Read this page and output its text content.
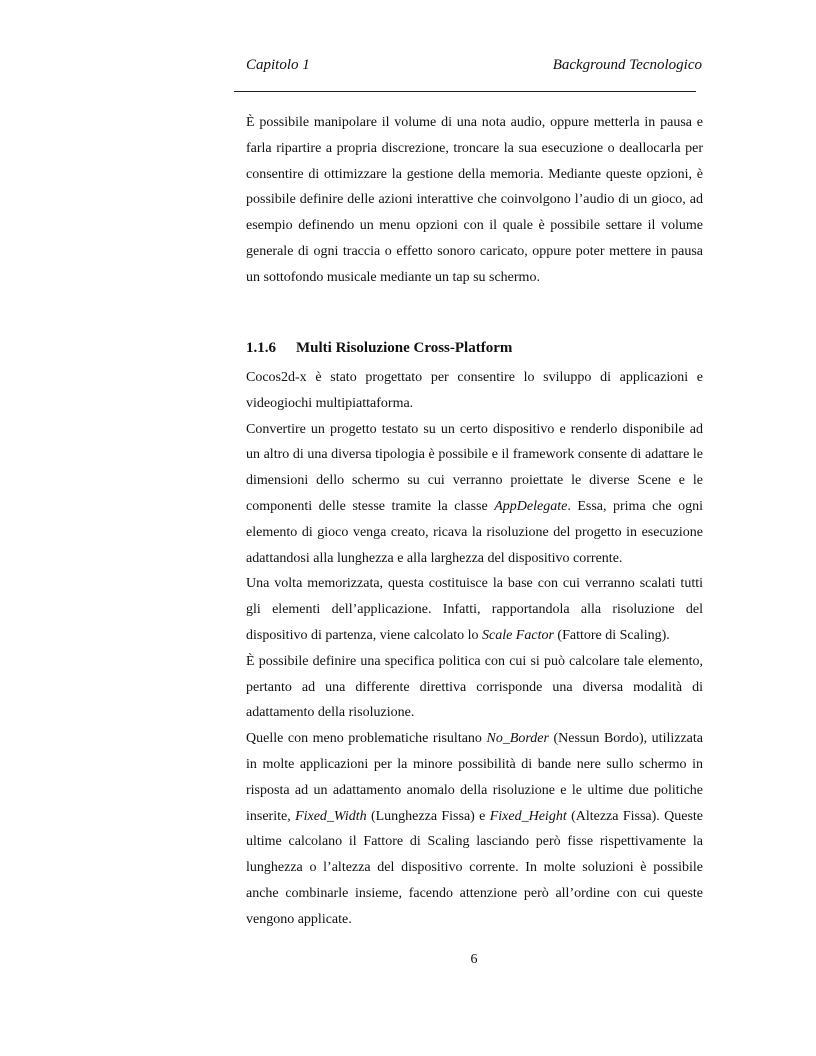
Capitolo 1	Background Tecnologico

È possibile manipolare il volume di una nota audio, oppure metterla in pausa e farla ripartire a propria discrezione, troncare la sua esecuzione o deallocarla per consentire di ottimizzare la gestione della memoria. Mediante queste opzioni, è possibile definire delle azioni interattive che coinvolgono l’audio di un gioco, ad esempio definendo un menu opzioni con il quale è possibile settare il volume generale di ogni traccia o effetto sonoro caricato, oppure poter mettere in pausa un sottofondo musicale mediante un tap su schermo.

1.1.6 Multi Risoluzione Cross-Platform

Cocos2d-x è stato progettato per consentire lo sviluppo di applicazioni e videogiochi multipiattaforma.

Convertire un progetto testato su un certo dispositivo e renderlo disponibile ad un altro di una diversa tipologia è possibile e il framework consente di adattare le dimensioni dello schermo su cui verranno proiettate le diverse Scene e le componenti delle stesse tramite la classe AppDelegate. Essa, prima che ogni elemento di gioco venga creato, ricava la risoluzione del progetto in esecuzione adattandosi alla lunghezza e alla larghezza del dispositivo corrente.

Una volta memorizzata, questa costituisce la base con cui verranno scalati tutti gli elementi dell’applicazione. Infatti, rapportandola alla risoluzione del dispositivo di partenza, viene calcolato lo Scale Factor (Fattore di Scaling).

È possibile definire una specifica politica con cui si può calcolare tale elemento, pertanto ad una differente direttiva corrisponde una diversa modalità di adattamento della risoluzione.

Quelle con meno problematiche risultano No_Border (Nessun Bordo), utilizzata in molte applicazioni per la minore possibilità di bande nere sullo schermo in risposta ad un adattamento anomalo della risoluzione e le ultime due politiche inserite, Fixed_Width (Lunghezza Fissa) e Fixed_Height (Altezza Fissa). Queste ultime calcolano il Fattore di Scaling lasciando però fisse rispettivamente la lunghezza o l’altezza del dispositivo corrente. In molte soluzioni è possibile anche combinarle insieme, facendo attenzione però all’ordine con cui queste vengono applicate.

6
